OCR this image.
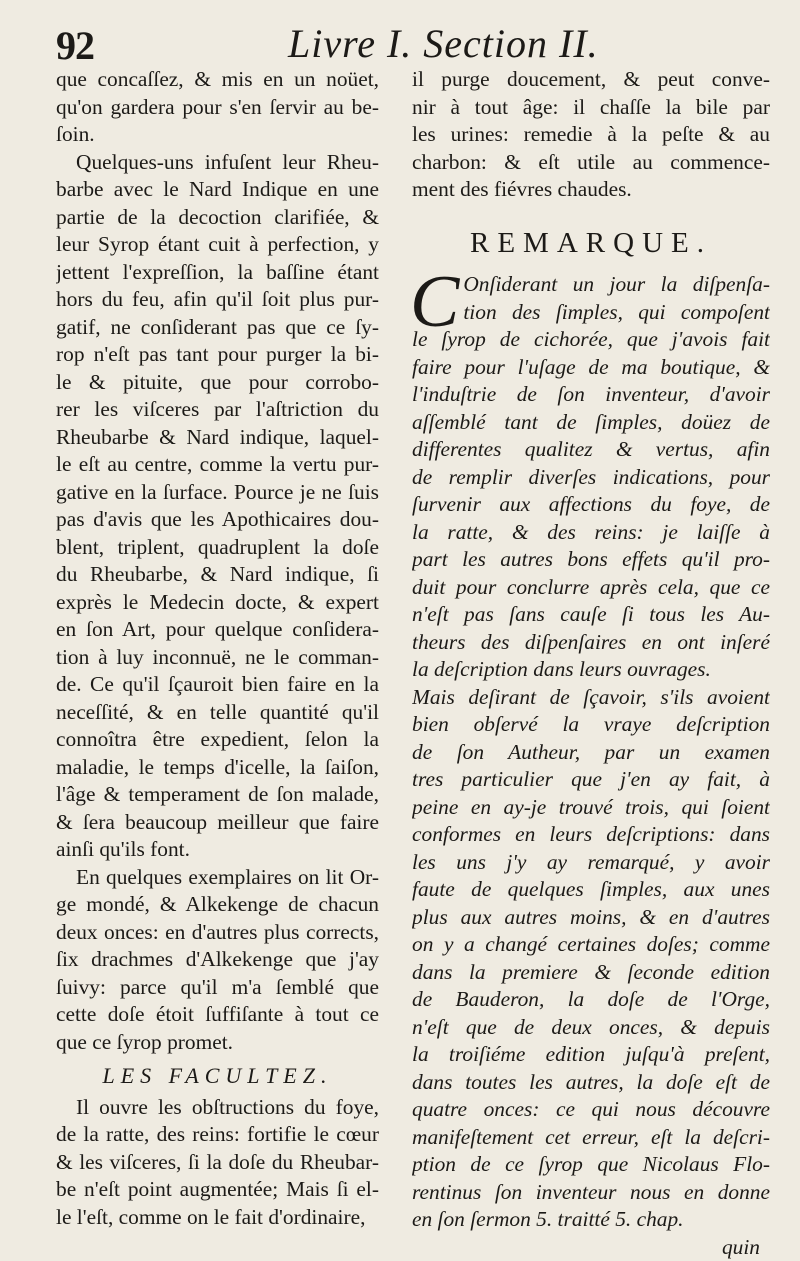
92	Livre I. Section II.
que concaſſez, & mis en un noüet,
qu'on gardera pour s'en ſervir au be-
ſoin.
Quelques-uns infuſent leur Rheu-
barbe avec le Nard Indique en une
partie de la decoction clarifiée, &
leur Syrop étant cuit à perfection, y
jettent l'expreſſion, la baſſine étant
hors du feu, afin qu'il ſoit plus pur-
gatif, ne conſiderant pas que ce ſy-
rop n'eſt pas tant pour purger la bi-
le & pituite, que pour corrobo-
rer les viſceres par l'aſtriction du
Rheubarbe & Nard indique, laquel-
le eſt au centre, comme la vertu pur-
gative en la ſurface. Pource je ne ſuis
pas d'avis que les Apothicaires dou-
blent, triplent, quadruplent la doſe
du Rheubarbe, & Nard indique, ſi
exprès le Medecin docte, & expert
en ſon Art, pour quelque conſidera-
tion à luy inconnuë, ne le comman-
de. Ce qu'il ſçauroit bien faire en la
neceſſité, & en telle quantité qu'il
connoîtra être expedient, ſelon la
maladie, le temps d'icelle, la ſaiſon,
l'âge & temperament de ſon malade,
& ſera beaucoup meilleur que faire
ainſi qu'ils font.
En quelques exemplaires on lit Or-
ge mondé, & Alkekenge de chacun
deux onces: en d'autres plus corrects,
ſix drachmes d'Alkekenge que j'ay
ſuivy: parce qu'il m'a ſemblé que
cette doſe étoit ſuffiſante à tout ce
que ce ſyrop promet.
LES FACULTEZ.
Il ouvre les obſtructions du foye,
de la ratte, des reins: fortifie le cœur
& les viſceres, ſi la doſe du Rheubar-
be n'eſt point augmentée; Mais ſi el-
le l'eſt, comme on le fait d'ordinaire,
il purge doucement, & peut conve-
nir à tout âge: il chaſſe la bile par
les urines: remedie à la peſte & au
charbon: & eſt utile au commence-
ment des fiévres chaudes.
REMARQUE.
C Onſiderant un jour la diſpenſa-
tion des ſimples, qui compoſent
le ſyrop de cichorée, que j'avois fait
faire pour l'uſage de ma boutique, &
l'induſtrie de ſon inventeur, d'avoir
aſſemblé tant de ſimples, doüez de
differentes qualitez & vertus, afin
de remplir diverſes indications, pour
ſurvenir aux affections du foye, de
la ratte, & des reins: je laiſſe à
part les autres bons effets qu'il pro-
duit pour conclurre après cela, que ce
n'eſt pas ſans cauſe ſi tous les Au-
theurs des diſpenſaires en ont inſeré
la deſcription dans leurs ouvrages.
Mais deſirant de ſçavoir, s'ils avoient
bien obſervé la vraye deſcription
de ſon Autheur, par un examen
tres particulier que j'en ay fait, à
peine en ay-je trouvé trois, qui ſoient
conformes en leurs deſcriptions: dans
les uns j'y ay remarqué, y avoir
faute de quelques ſimples, aux unes
plus aux autres moins, & en d'autres
on y a changé certaines doſes; comme
dans la premiere & ſeconde edition
de Bauderon, la doſe de l'Orge,
n'eſt que de deux onces, & depuis
la troiſiéme edition juſqu'à preſent,
dans toutes les autres, la doſe eſt de
quatre onces: ce qui nous découvre
manifeſtement cet erreur, eſt la deſcri-
ption de ce ſyrop que Nicolaus Flo-
rentinus ſon inventeur nous en donne
en ſon ſermon 5. traitté 5. chap.
quin
